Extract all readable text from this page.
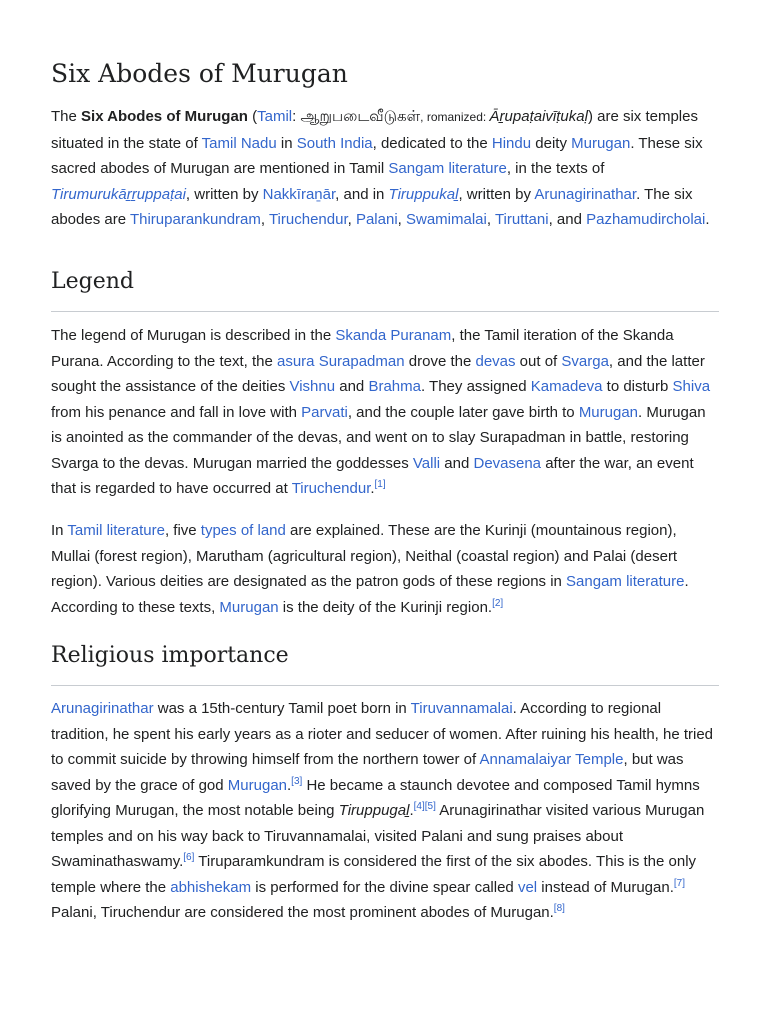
Six Abodes of Murugan

The Six Abodes of Murugan (Tamil: ஆறுபடைவீடுகள், romanized: Āṟupaṭaivīṭukaḷ) are six temples situated in the state of Tamil Nadu in South India, dedicated to the Hindu deity Murugan. These six sacred abodes of Murugan are mentioned in Tamil Sangam literature, in the texts of Tirumurukāṟṟuppaṭai, written by Nakkīraṉār, and in Tiruppukaḻ, written by Arunagirinathar. The six abodes are Thiruparankundram, Tiruchendur, Palani, Swamimalai, Tiruttani, and Pazhamudircholai.

Legend

The legend of Murugan is described in the Skanda Puranam, the Tamil iteration of the Skanda Purana. According to the text, the asura Surapadman drove the devas out of Svarga, and the latter sought the assistance of the deities Vishnu and Brahma. They assigned Kamadeva to disturb Shiva from his penance and fall in love with Parvati, and the couple later gave birth to Murugan. Murugan is anointed as the commander of the devas, and went on to slay Surapadman in battle, restoring Svarga to the devas. Murugan married the goddesses Valli and Devasena after the war, an event that is regarded to have occurred at Tiruchendur.[1]

In Tamil literature, five types of land are explained. These are the Kurinji (mountainous region), Mullai (forest region), Marutham (agricultural region), Neithal (coastal region) and Palai (desert region). Various deities are designated as the patron gods of these regions in Sangam literature. According to these texts, Murugan is the deity of the Kurinji region.[2]

Religious importance

Arunagirinathar was a 15th-century Tamil poet born in Tiruvannamalai. According to regional tradition, he spent his early years as a rioter and seducer of women. After ruining his health, he tried to commit suicide by throwing himself from the northern tower of Annamalaiyar Temple, but was saved by the grace of god Murugan.[3] He became a staunch devotee and composed Tamil hymns glorifying Murugan, the most notable being Tiruppugaḻ.[4][5] Arunagirinathar visited various Murugan temples and on his way back to Tiruvannamalai, visited Palani and sung praises about Swaminathaswamy.[6] Tiruparamkundram is considered the first of the six abodes. This is the only temple where the abhishekam is performed for the divine spear called vel instead of Murugan.[7] Palani, Tiruchendur are considered the most prominent abodes of Murugan.[8]
